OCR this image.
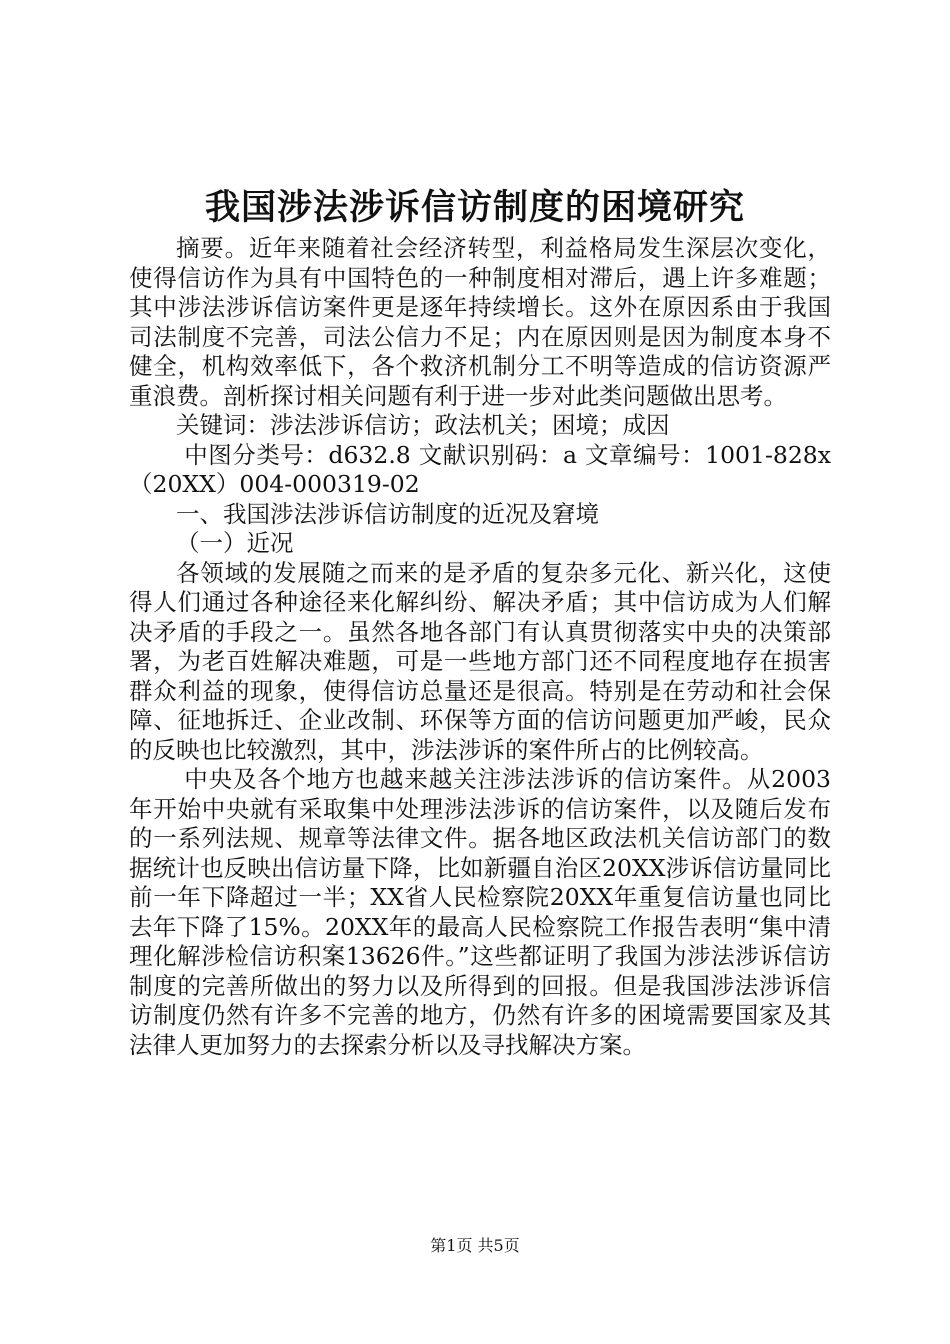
我国涉法涉诉信访制度的困境研究

摘要。近年来随着社会经济转型，利益格局发生深层次变化，使得信访作为具有中国特色的一种制度相对滞后，遇上许多难题；其中涉法涉诉信访案件更是逐年持续增长。这外在原因系由于我国司法制度不完善，司法公信力不足；内在原因则是因为制度本身不健全，机构效率低下，各个救济机制分工不明等造成的信访资源严重浪费。剖析探讨相关问题有利于进一步对此类问题做出思考。

关键词：涉法涉诉信访；政法机关；困境；成因

中图分类号：d632.8 文献识别码：a 文章编号：1001-828x（20XX）004-000319-02

一、我国涉法涉诉信访制度的近况及窘境

（一）近况

各领域的发展随之而来的是矛盾的复杂多元化、新兴化，这使得人们通过各种途径来化解纠纷、解决矛盾；其中信访成为人们解决矛盾的手段之一。虽然各地各部门有认真贯彻落实中央的决策部署，为老百姓解决难题，可是一些地方部门还不同程度地存在损害群众利益的现象，使得信访总量还是很高。特别是在劳动和社会保障、征地拆迁、企业改制、环保等方面的信访问题更加严峻，民众的反映也比较激烈，其中，涉法涉诉的案件所占的比例较高。

中央及各个地方也越来越关注涉法涉诉的信访案件。从2003年开始中央就有采取集中处理涉法涉诉的信访案件，以及随后发布的一系列法规、规章等法律文件。据各地区政法机关信访部门的数据统计也反映出信访量下降，比如新疆自治区20XX涉诉信访量同比前一年下降超过一半；XX省人民检察院20XX年重复信访量也同比去年下降了15%。20XX年的最高人民检察院工作报告表明“集中清理化解涉检信访积案13626件。”这些都证明了我国为涉法涉诉信访制度的完善所做出的努力以及所得到的回报。但是我国涉法涉诉信访制度仍然有许多不完善的地方，仍然有许多的困境需要国家及其法律人更加努力的去探索分析以及寻找解决方案。

第1页 共5页
